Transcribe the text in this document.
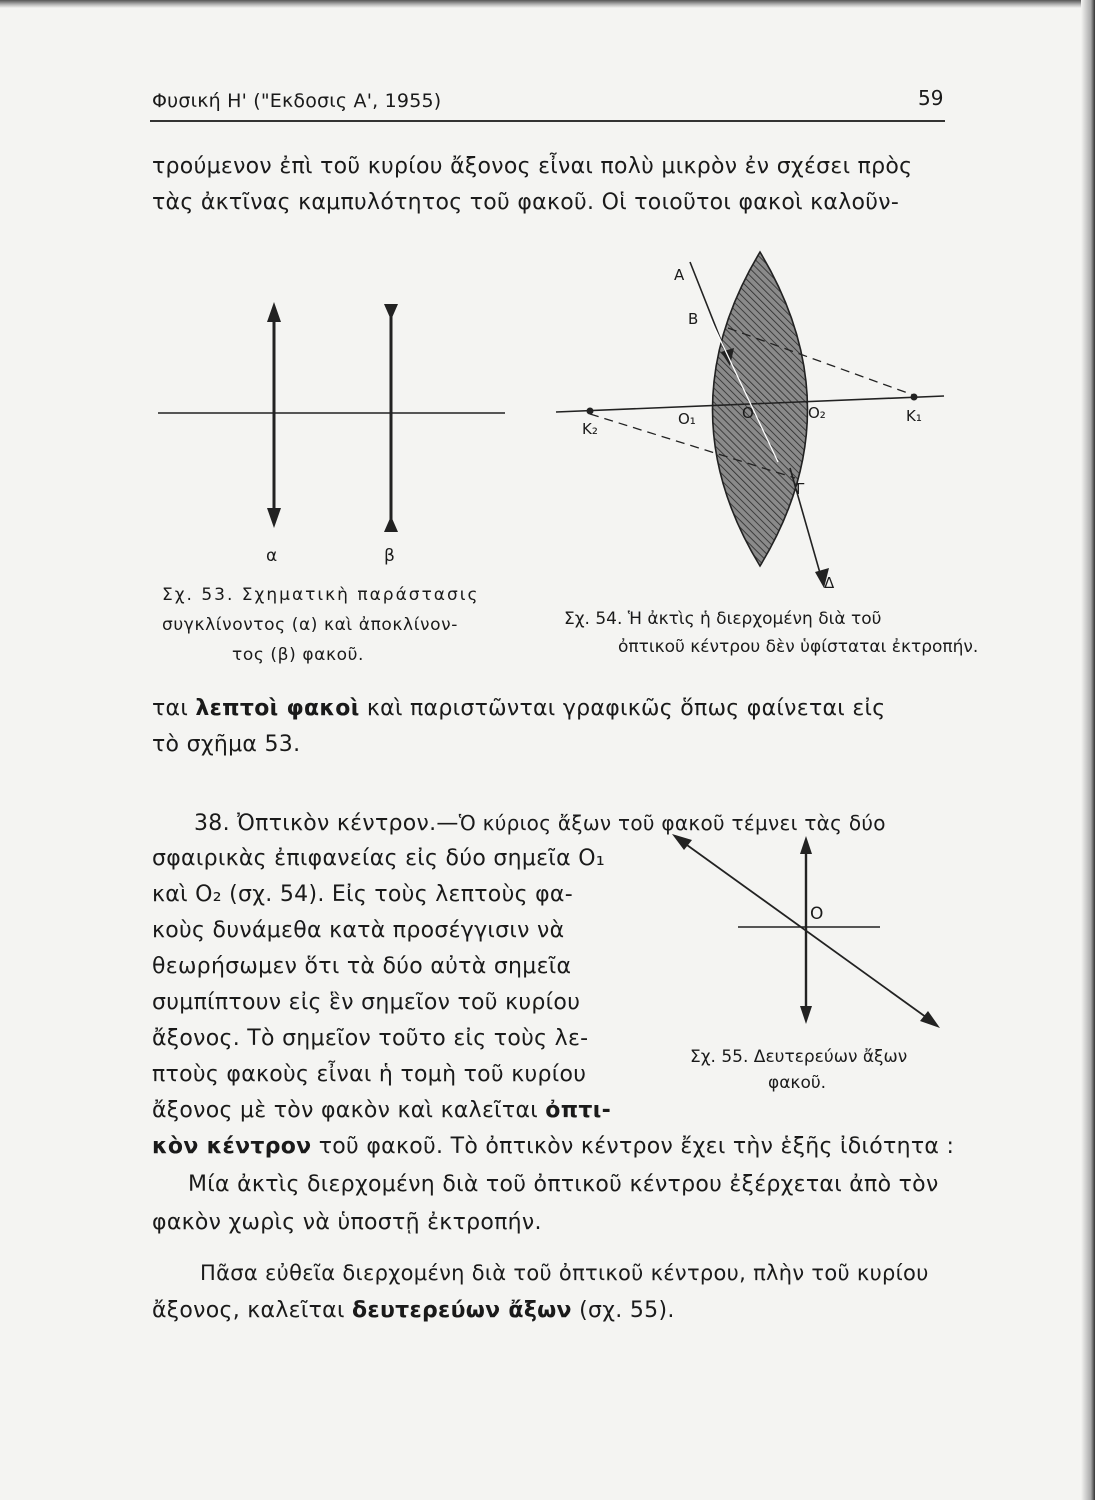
Φυσική Η' ("Εκδοσις Α', 1955)	59
τρούμενον ἐπὶ τοῦ κυρίου ἄξονος εἶναι πολὺ μικρὸν ἐν σχέσει πρὸς
τὰς ἀκτῖνας καμπυλότητος τοῦ φακοῦ. Οἱ τοιοῦτοι φακοὶ καλοῦν-
α	β
Σχ. 53. Σχηματικὴ παράστασις
συγκλίνοντος (α) καὶ ἀποκλίνον-
τος (β) φακοῦ.
Α
Β
Ο₁	Ο	Ο₂	Κ₁
Κ₂
Γ
Δ
Σχ. 54. Ἡ ἀκτὶς ἡ διερχομένη διὰ τοῦ
ὀπτικοῦ κέντρου δὲν ὑφίσταται ἐκτροπήν.
ται λεπτοὶ φακοὶ καὶ παριστῶνται γραφικῶς ὅπως φαίνεται εἰς
τὸ σχῆμα 53.
38. Ὀπτικὸν κέντρον.—Ὁ κύριος ἄξων τοῦ φακοῦ τέμνει τὰς δύο
σφαιρικὰς ἐπιφανείας εἰς δύο σημεῖα Ο₁
καὶ Ο₂ (σχ. 54). Εἰς τοὺς λεπτοὺς φα-
κοὺς δυνάμεθα κατὰ προσέγγισιν νὰ
θεωρήσωμεν ὅτι τὰ δύο αὐτὰ σημεῖα
συμπίπτουν εἰς ἓν σημεῖον τοῦ κυρίου
ἄξονος. Τὸ σημεῖον τοῦτο εἰς τοὺς λε-
πτοὺς φακοὺς εἶναι ἡ τομὴ τοῦ κυρίου
ἄξονος μὲ τὸν φακὸν καὶ καλεῖται ὀπτι-
κὸν κέντρον τοῦ φακοῦ. Τὸ ὀπτικὸν κέντρον ἔχει τὴν ἑξῆς ἰδιότητα :
Ο
Σχ. 55. Δευτερεύων ἄξων
φακοῦ.
Μία ἀκτὶς διερχομένη διὰ τοῦ ὀπτικοῦ κέντρου ἐξέρχεται ἀπὸ τὸν
φακὸν χωρὶς νὰ ὑποστῇ ἐκτροπήν.
Πᾶσα εὐθεῖα διερχομένη διὰ τοῦ ὀπτικοῦ κέντρου, πλὴν τοῦ κυρίου
ἄξονος, καλεῖται δευτερεύων ἄξων (σχ. 55).
